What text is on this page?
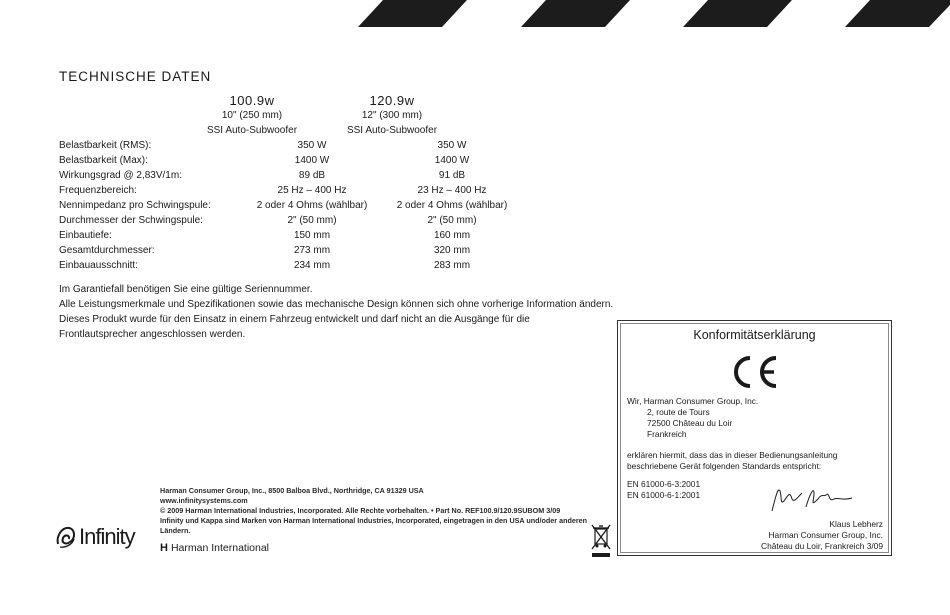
TECHNISCHE DATEN
100.9w
10" (250 mm)
SSI Auto-Subwoofer
120.9w
12" (300 mm)
SSI Auto-Subwoofer
Belastbarkeit (RMS):	350 W	350 W
Belastbarkeit (Max):	1400 W	1400 W
Wirkungsgrad @ 2,83V/1m:	89 dB	91 dB
Frequenzbereich:	25 Hz – 400 Hz	23 Hz – 400 Hz
Nennimpedanz pro Schwingspule:	2 oder 4 Ohms (wählbar)	2 oder 4 Ohms (wählbar)
Durchmesser der Schwingspule:	2" (50 mm)	2" (50 mm)
Einbautiefe:	150 mm	160 mm
Gesamtdurchmesser:	273 mm	320 mm
Einbauausschnitt:	234 mm	283 mm
Im Garantiefall benötigen Sie eine gültige Seriennummer.
Alle Leistungsmerkmale und Spezifikationen sowie das mechanische Design können sich ohne vorherige Information ändern.
Dieses Produkt wurde für den Einsatz in einem Fahrzeug entwickelt und darf nicht an die Ausgänge für die
Frontlautsprecher angeschlossen werden.
Harman Consumer Group, Inc., 8500 Balboa Blvd., Northridge, CA 91329 USA
www.infinitysystems.com
© 2009 Harman International Industries, Incorporated. Alle Rechte vorbehalten. • Part No. REF100.9/120.9SUBOM 3/09
Infinity und Kappa sind Marken von Harman International Industries, Incorporated, eingetragen in den USA und/oder anderen
Ländern.
Infinity H Harman International
Konformitätserklärung
Wir, Harman Consumer Group, Inc.
2, route de Tours
72500 Château du Loir
Frankreich
erklären hiermit, dass das in dieser Bedienungsanleitung
beschriebene Gerät folgenden Standards entspricht:
EN 61000-6-3:2001
EN 61000-6-1:2001
Klaus Lebherz
Harman Consumer Group, Inc.
Château du Loir, Frankreich 3/09
